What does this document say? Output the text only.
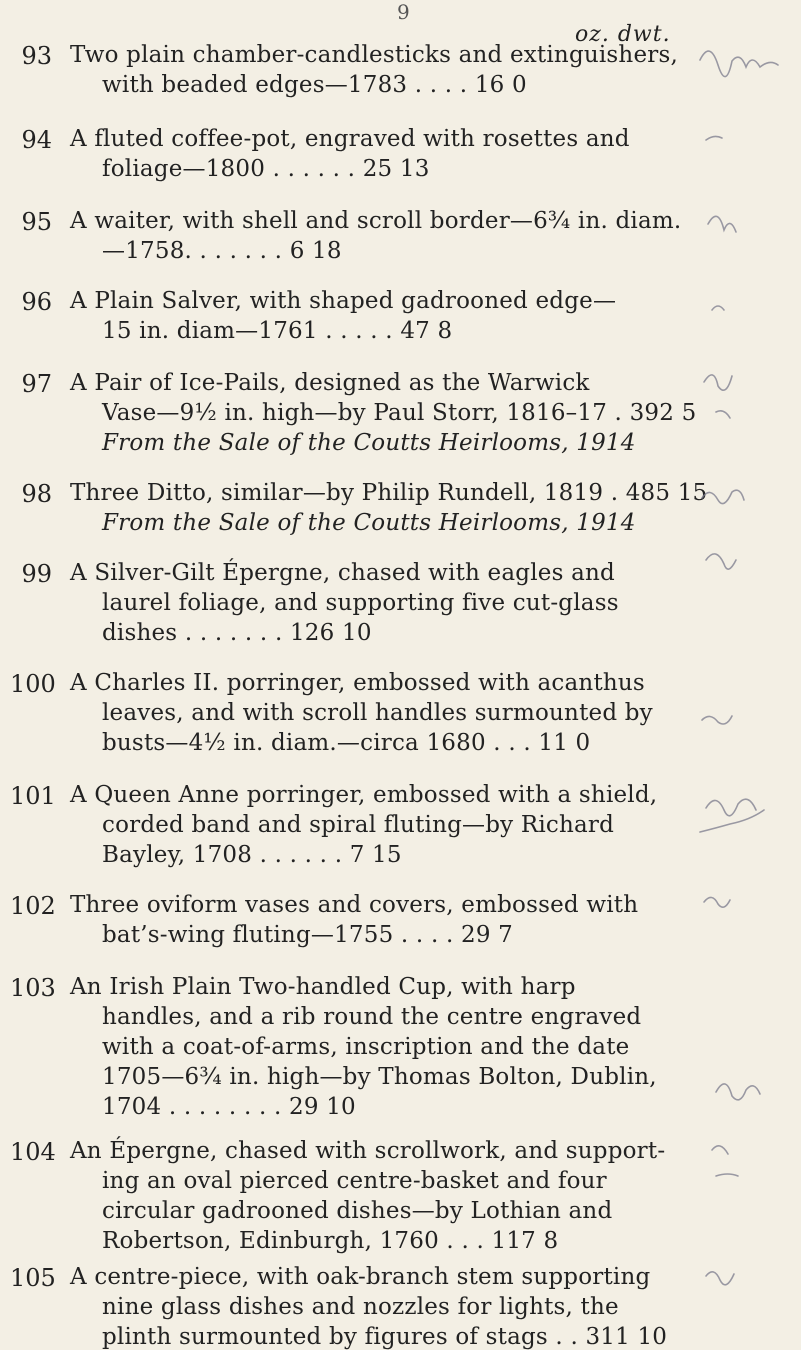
9
oz. dwt.
93 Two plain chamber-candlesticks and extinguishers,
with beaded edges—1783 . . . . 16 0
94 A fluted coffee-pot, engraved with rosettes and
foliage—1800 . . . . . . 25 13
95 A waiter, with shell and scroll border—6¾ in. diam.
—1758. . . . . . . 6 18
96 A Plain Salver, with shaped gadrooned edge—
15 in. diam—1761 . . . . . 47 8
97 A Pair of Ice-Pails, designed as the Warwick
Vase—9½ in. high—by Paul Storr, 1816–17 . 392 5
From the Sale of the Coutts Heirlooms, 1914
98 Three Ditto, similar—by Philip Rundell, 1819 . 485 15
From the Sale of the Coutts Heirlooms, 1914
99 A Silver-Gilt Épergne, chased with eagles and
laurel foliage, and supporting five cut-glass
dishes . . . . . . . 126 10
100 A Charles II. porringer, embossed with acanthus
leaves, and with scroll handles surmounted by
busts—4½ in. diam.—circa 1680 . . . 11 0
101 A Queen Anne porringer, embossed with a shield,
corded band and spiral fluting—by Richard
Bayley, 1708 . . . . . . 7 15
102 Three oviform vases and covers, embossed with
bat’s-wing fluting—1755 . . . . 29 7
103 An Irish Plain Two-handled Cup, with harp
handles, and a rib round the centre engraved
with a coat-of-arms, inscription and the date
1705—6¾ in. high—by Thomas Bolton, Dublin,
1704 . . . . . . . . 29 10
104 An Épergne, chased with scrollwork, and support-
ing an oval pierced centre-basket and four
circular gadrooned dishes—by Lothian and
Robertson, Edinburgh, 1760 . . . 117 8
105 A centre-piece, with oak-branch stem supporting
nine glass dishes and nozzles for lights, the
plinth surmounted by figures of stags . . 311 10
